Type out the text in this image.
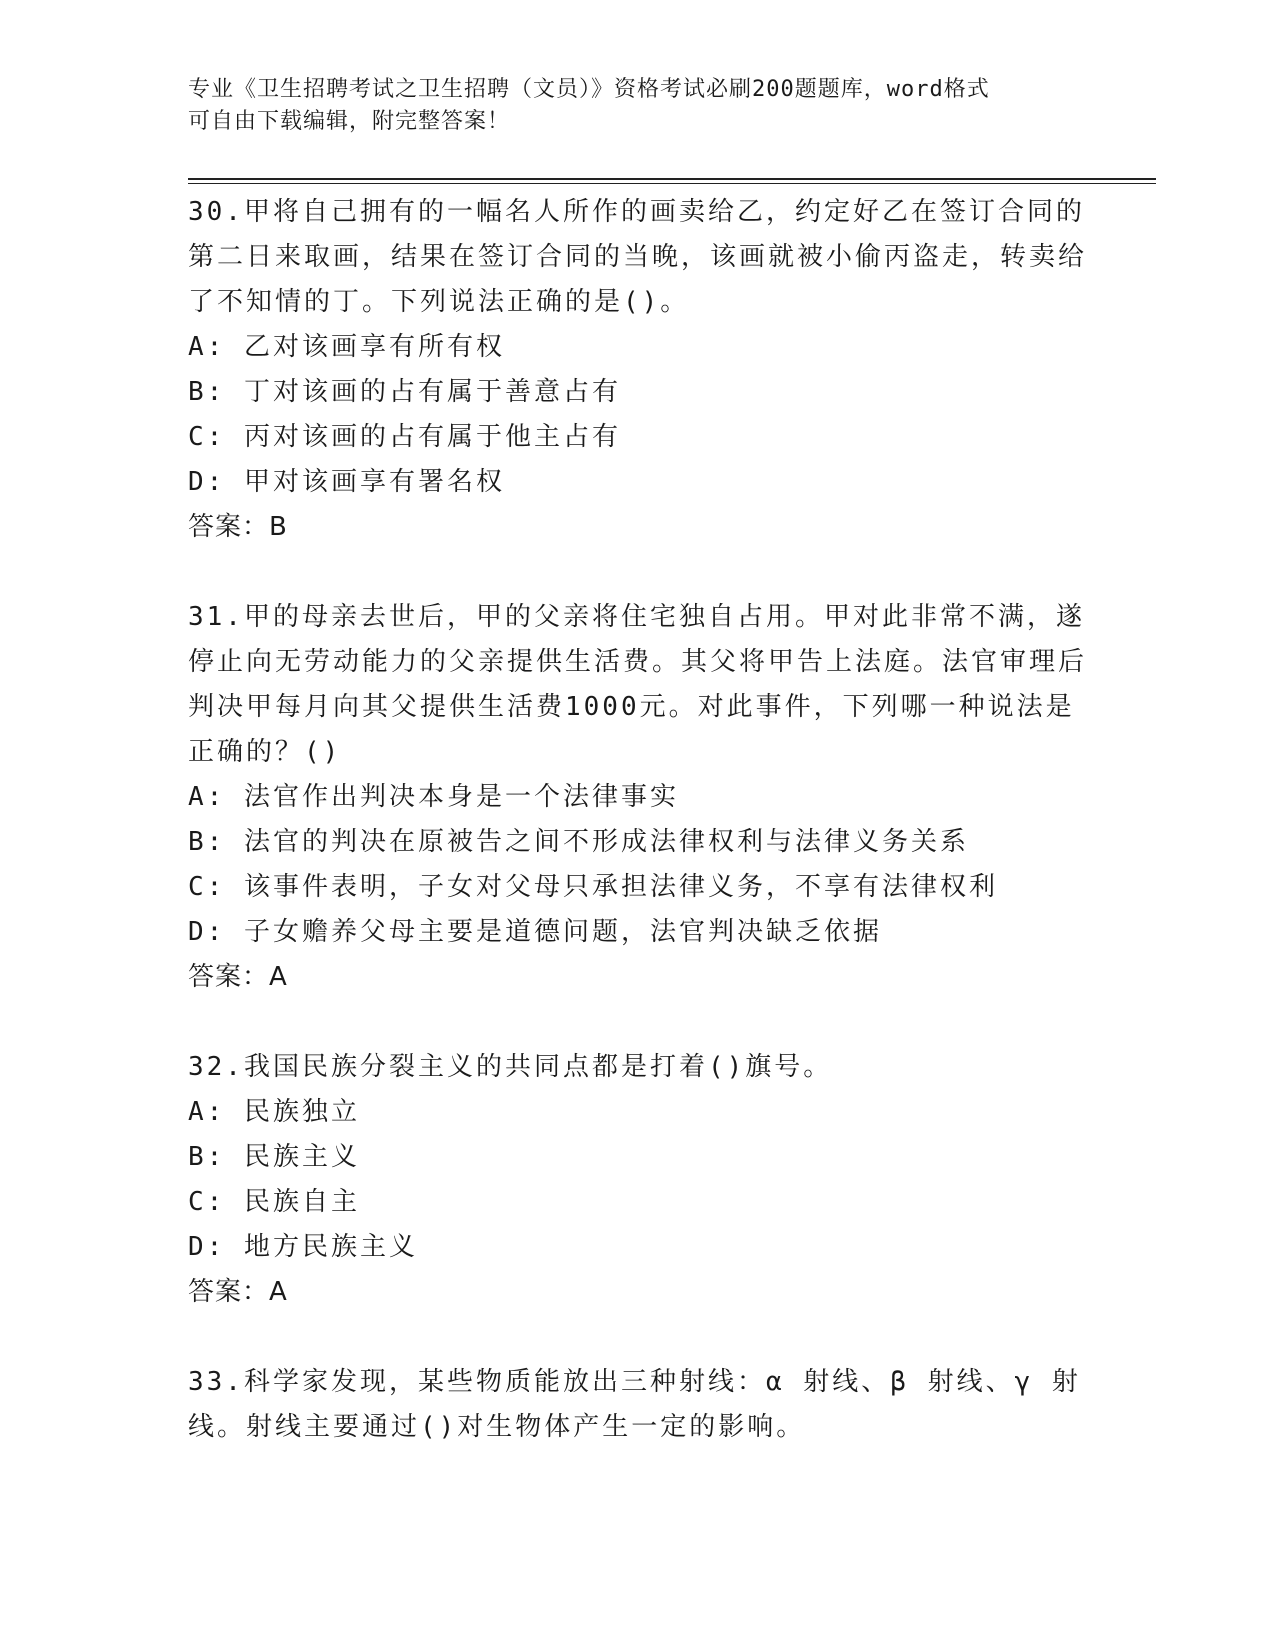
专业《卫生招聘考试之卫生招聘（文员）》资格考试必刷200题题库，word格式
可自由下载编辑，附完整答案！
30.甲将自己拥有的一幅名人所作的画卖给乙，约定好乙在签订合同的第二日来取画，结果在签订合同的当晚，该画就被小偷丙盗走，转卖给了不知情的丁。下列说法正确的是()。
A: 乙对该画享有所有权
B: 丁对该画的占有属于善意占有
C: 丙对该画的占有属于他主占有
D: 甲对该画享有署名权
答案：B
31.甲的母亲去世后，甲的父亲将住宅独自占用。甲对此非常不满，遂停止向无劳动能力的父亲提供生活费。其父将甲告上法庭。法官审理后判决甲每月向其父提供生活费1000元。对此事件，下列哪一种说法是正确的？()
A: 法官作出判决本身是一个法律事实
B: 法官的判决在原被告之间不形成法律权利与法律义务关系
C: 该事件表明，子女对父母只承担法律义务，不享有法律权利
D: 子女赡养父母主要是道德问题，法官判决缺乏依据
答案：A
32.我国民族分裂主义的共同点都是打着()旗号。
A: 民族独立
B: 民族主义
C: 民族自主
D: 地方民族主义
答案：A
33.科学家发现，某些物质能放出三种射线：α 射线、β 射线、γ 射线。射线主要通过()对生物体产生一定的影响。
